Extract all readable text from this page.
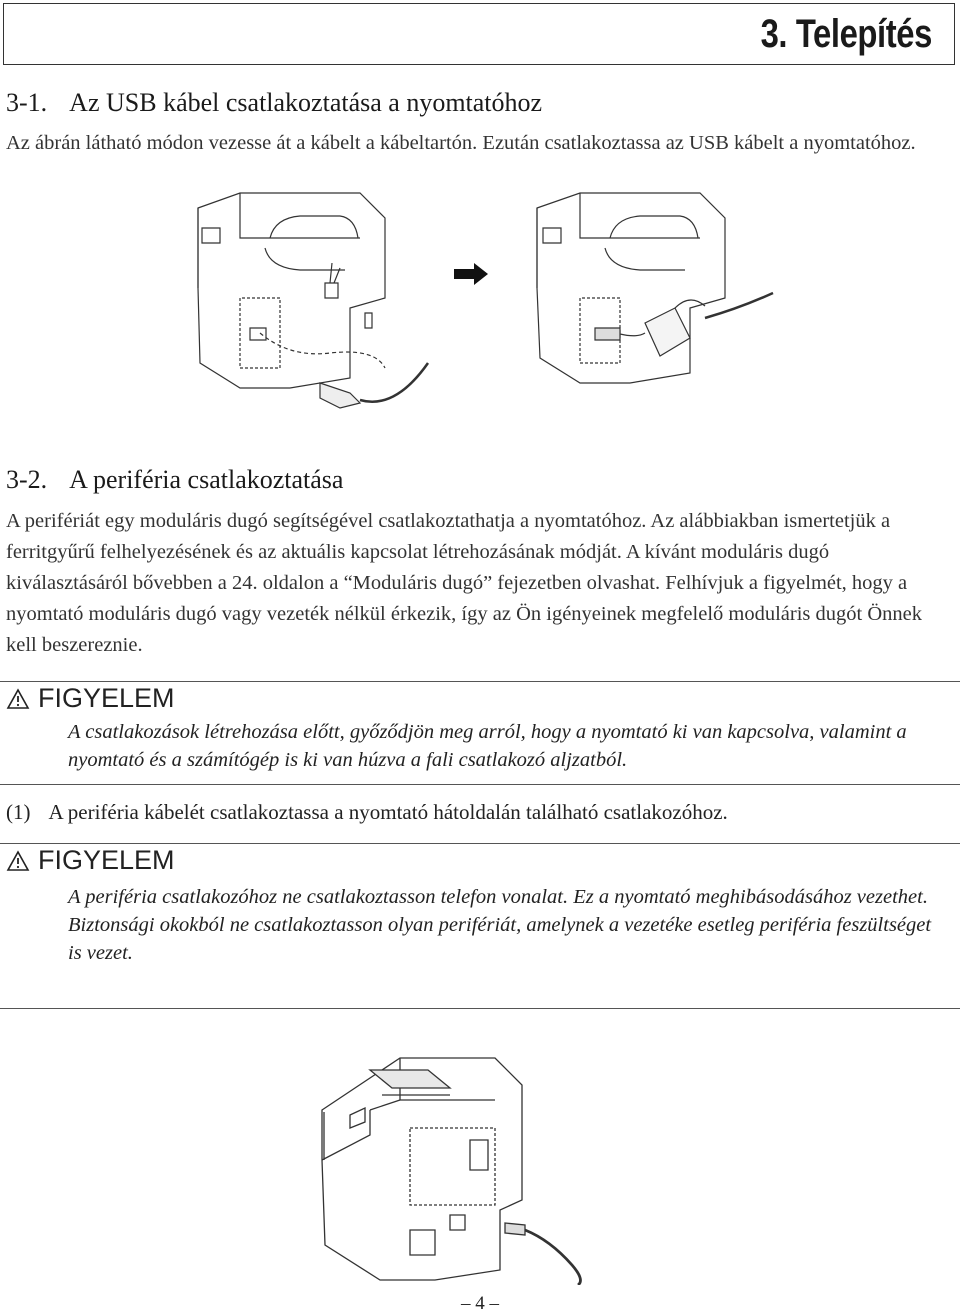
3. Telepítés
3-1. Az USB kábel csatlakoztatása a nyomtatóhoz

Az ábrán látható módon vezesse át a kábelt a kábeltartón. Ezután csatlakoztassa az USB kábelt a nyomtatóhoz.

3-2. A periféria csatlakoztatása

A perifériát egy moduláris dugó segítségével csatlakoztathatja a nyomtatóhoz. Az alábbiakban ismertetjük a ferritgyűrű felhelyezésének és az aktuális kapcsolat létrehozásának módját. A kívánt moduláris dugó kiválasztásáról bővebben a 24. oldalon a “Moduláris dugó” fejezetben olvashat. Felhívjuk a figyelmét, hogy a nyomtató moduláris dugó vagy vezeték nélkül érkezik, így az Ön igényeinek megfelelő moduláris dugót Önnek kell beszereznie.

FIGYELEM

A csatlakozások létrehozása előtt, győződjön meg arról, hogy a nyomtató ki van kapcsolva, valamint a nyomtató és a számítógép is ki van húzva a fali csatlakozó aljzatból.

(1) A periféria kábelét csatlakoztassa a nyomtató hátoldalán található csatlakozóhoz.
FIGYELEM

A periféria csatlakozóhoz ne csatlakoztasson telefon vonalat. Ez a nyomtató meghibásodásához vezethet.

Biztonsági okokból ne csatlakoztasson olyan perifériát, amelynek a vezetéke esetleg periféria feszültséget is vezet.

– 4 –
